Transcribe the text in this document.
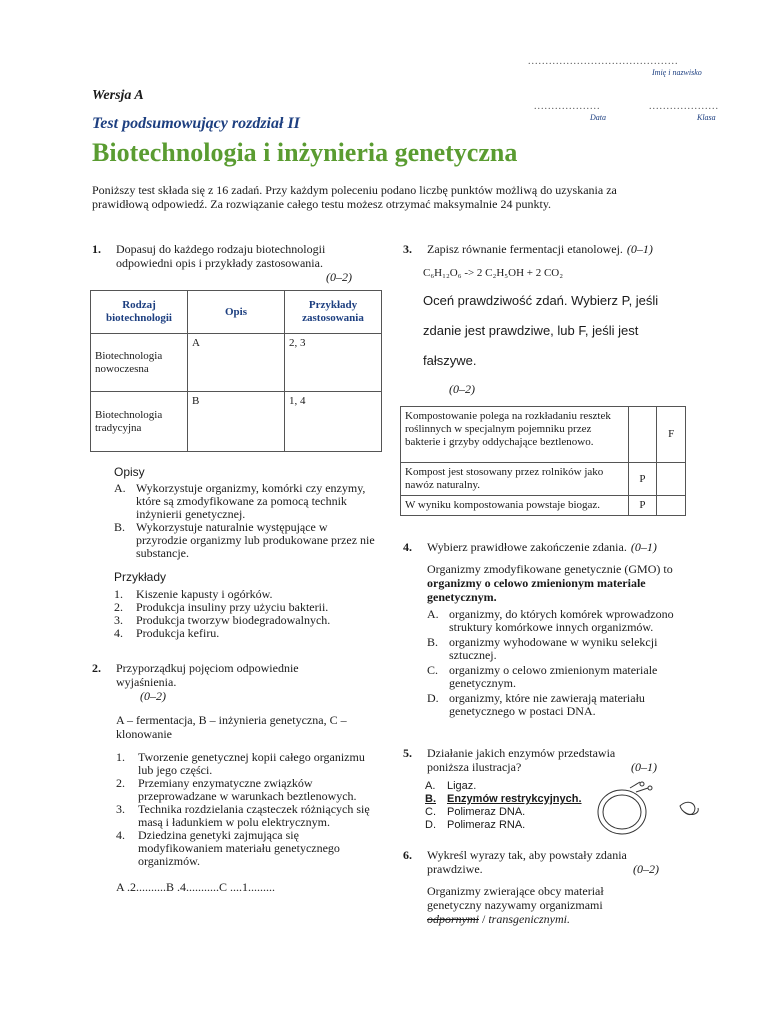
...........................................
Imię i nazwisko
...................
Data
....................
Klasa
Wersja A
Test podsumowujący rozdział II
Biotechnologia i inżynieria genetyczna
Poniższy test składa się z 16 zadań. Przy każdym poleceniu podano liczbę punktów możliwą do uzyskania za prawidłową odpowiedź. Za rozwiązanie całego testu możesz otrzymać maksymalnie 24 punkty.
1.	Dopasuj do każdego rodzaju biotechnologii odpowiedni opis i przykłady zastosowania.
(0–2)
Rodzaj biotechnologii	Opis	Przykłady zastosowania
Biotechnologia nowoczesna	A	2, 3
Biotechnologia tradycyjna	B	1, 4
Opisy
A. Wykorzystuje organizmy, komórki czy enzymy, które są zmodyfikowane za pomocą technik inżynierii genetycznej.
B. Wykorzystuje naturalnie występujące w przyrodzie organizmy lub produkowane przez nie substancje.
Przykłady
1.	Kiszenie kapusty i ogórków.
2.	Produkcja insuliny przy użyciu bakterii.
3.	Produkcja tworzyw biodegradowalnych.
4.	Produkcja kefiru.
2.	Przyporządkuj pojęciom odpowiednie wyjaśnienia.
(0–2)
A – fermentacja, B – inżynieria genetyczna, C – klonowanie
1.	Tworzenie genetycznej kopii całego organizmu lub jego części.
2.	Przemiany enzymatyczne związków przeprowadzane w warunkach beztlenowych.
3.	Technika rozdzielania cząsteczek różniących się masą i ładunkiem w polu elektrycznym.
4.	Dziedzina genetyki zajmująca się modyfikowaniem materiału genetycznego organizmów.
A .2..........B .4...........C ....1.........
3.	Zapisz równanie fermentacji etanolowej. (0–1)
C₆H₁₂O₆ -> 2 C₂H₅OH + 2 CO₂
Oceń prawdziwość zdań. Wybierz P, jeśli
zdanie jest prawdziwe, lub F, jeśli jest
fałszywe.
(0–2)
Kompostowanie polega na rozkładaniu resztek roślinnych w specjalnym pojemniku przez bakterie i grzyby oddychające beztlenowo.		F
Kompost jest stosowany przez rolników jako nawóz naturalny.	P	
W wyniku kompostowania powstaje biogaz.	P	
4.	Wybierz prawidłowe zakończenie zdania. (0–1)
Organizmy zmodyfikowane genetycznie (GMO) to organizmy o celowo zmienionym materiale genetycznym.
A. organizmy, do których komórek wprowadzono struktury komórkowe innych organizmów.
B. organizmy wyhodowane w wyniku selekcji sztucznej.
C. organizmy o celowo zmienionym materiale genetycznym.
D. organizmy, które nie zawierają materiału genetycznego w postaci DNA.
5.	Działanie jakich enzymów przedstawia poniższa ilustracja?	(0–1)
A.	Ligaz.
B.	Enzymów restrykcyjnych.
C.	Polimeraz DNA.
D.	Polimeraz RNA.
6.	Wykreśl wyrazy tak, aby powstały zdania prawdziwe.	(0–2)
Organizmy zwierające obcy materiał genetyczny nazywamy organizmami odpornymi / transgenicznymi.
